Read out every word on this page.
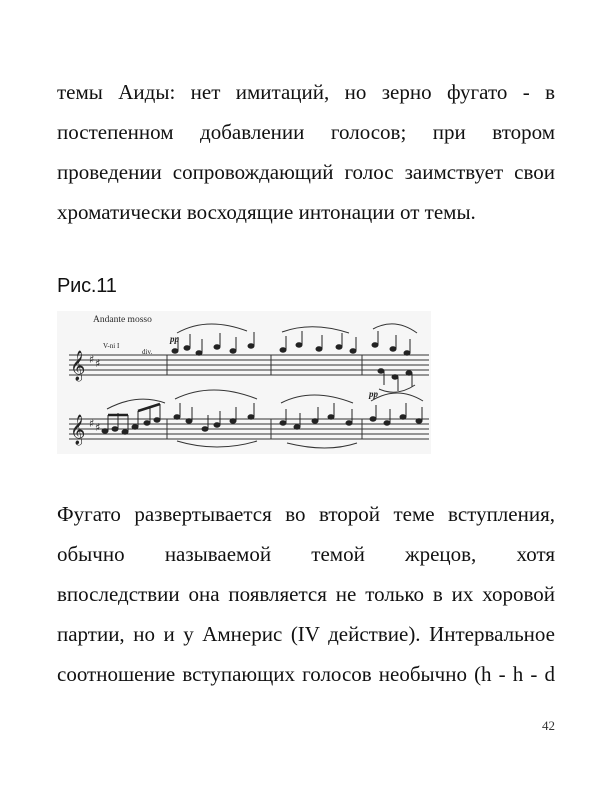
темы Аиды: нет имитаций, но зерно фугато - в
постепенном добавлении голосов; при втором
проведении сопровождающий голос заимствует свои
хроматически восходящие интонации от темы.
Рис.11
Andante mosso
V-ni I
div.
pp
pp
𝄞 ♯ ♯
𝄞 ♯ ♯
Фугато развертывается во второй теме вступления,
обычно называемой темой жрецов, хотя
впоследствии она появляется не только в их хоровой
партии, но и у Амнерис (IV действие). Интервальное
соотношение вступающих голосов необычно (h - h - d
42
